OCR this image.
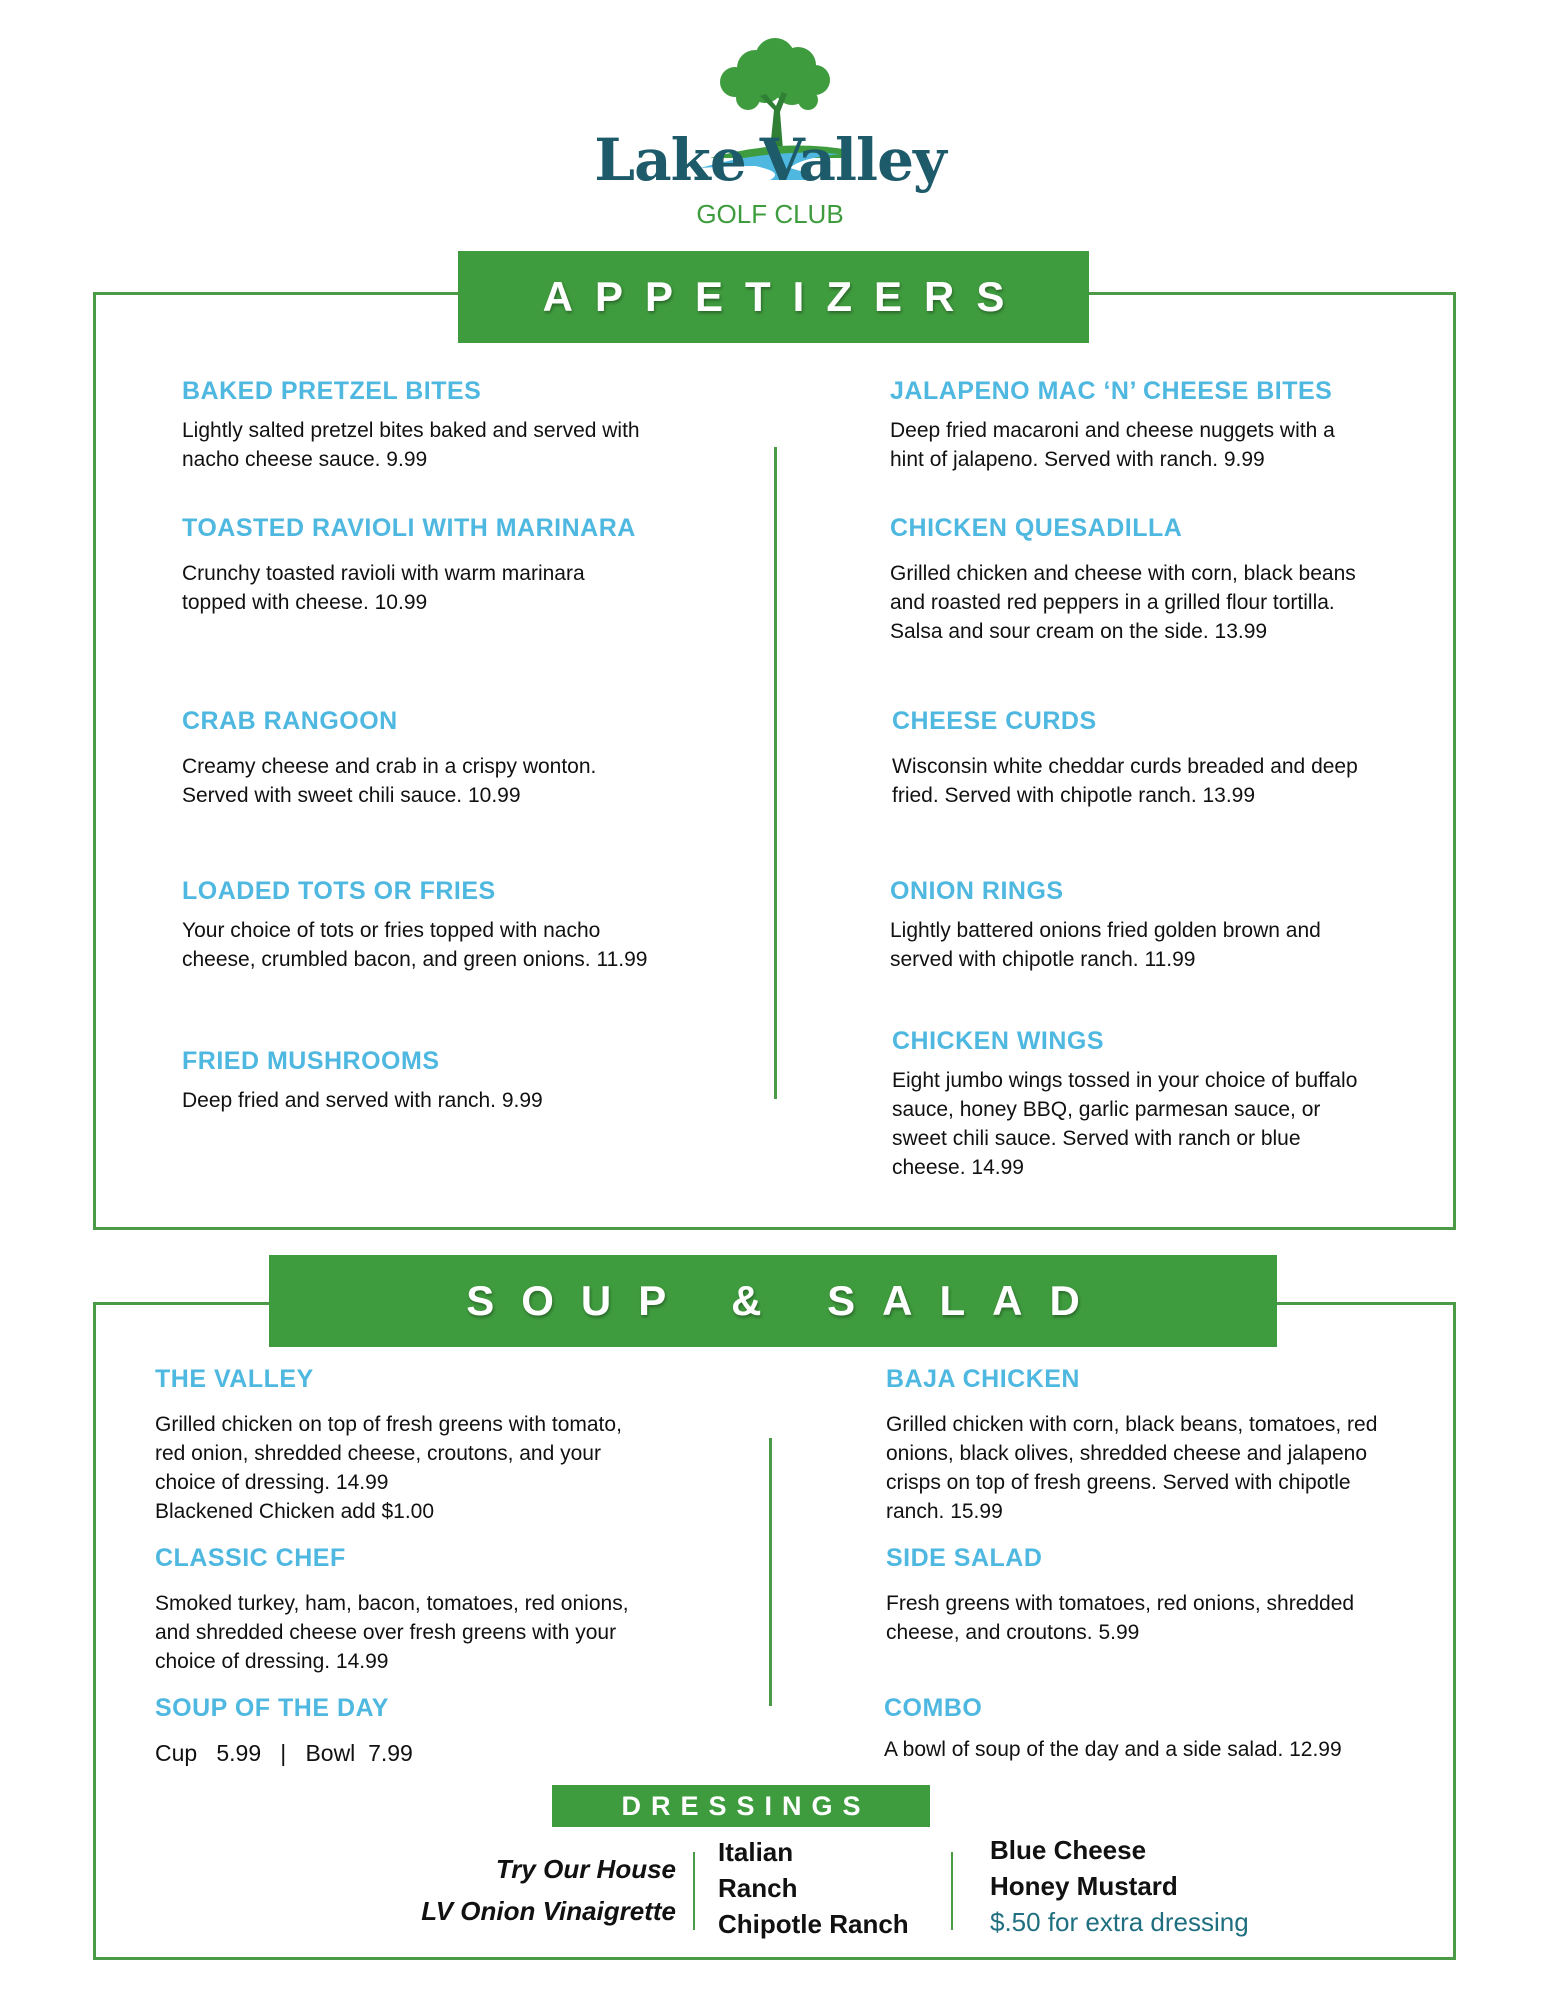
Lake Valley
GOLF CLUB
APPETIZERS

BAKED PRETZEL BITES

Lightly salted pretzel bites baked and served with nacho cheese sauce. 9.99

TOASTED RAVIOLI WITH MARINARA

Crunchy toasted ravioli with warm marinara topped with cheese. 10.99

CRAB RANGOON

Creamy cheese and crab in a crispy wonton. Served with sweet chili sauce. 10.99

LOADED TOTS OR FRIES

Your choice of tots or fries topped with nacho cheese, crumbled bacon, and green onions. 11.99

FRIED MUSHROOMS

Deep fried and served with ranch. 9.99

JALAPENO MAC ‘N’ CHEESE BITES

Deep fried macaroni and cheese nuggets with a hint of jalapeno. Served with ranch. 9.99

CHICKEN QUESADILLA

Grilled chicken and cheese with corn, black beans and roasted red peppers in a grilled flour tortilla. Salsa and sour cream on the side. 13.99

CHEESE CURDS

Wisconsin white cheddar curds breaded and deep fried. Served with chipotle ranch. 13.99

ONION RINGS

Lightly battered onions fried golden brown and served with chipotle ranch. 11.99

CHICKEN WINGS

Eight jumbo wings tossed in your choice of buffalo sauce, honey BBQ, garlic parmesan sauce, or sweet chili sauce. Served with ranch or blue cheese. 14.99

SOUP & SALAD

THE VALLEY

Grilled chicken on top of fresh greens with tomato, red onion, shredded cheese, croutons, and your choice of dressing. 14.99

Blackened Chicken add $1.00

CLASSIC CHEF

Smoked turkey, ham, bacon, tomatoes, red onions, and shredded cheese over fresh greens with your choice of dressing. 14.99

SOUP OF THE DAY

Cup   5.99   |   Bowl  7.99

BAJA CHICKEN

Grilled chicken with corn, black beans, tomatoes, red onions, black olives, shredded cheese and jalapeno crisps on top of fresh greens. Served with chipotle ranch. 15.99

SIDE SALAD

Fresh greens with tomatoes, red onions, shredded cheese, and croutons. 5.99

COMBO

A bowl of soup of the day and a side salad. 12.99

DRESSINGS
Try Our House
LV Onion Vinaigrette
Italian
Ranch
Chipotle Ranch
Blue Cheese
Honey Mustard
$.50 for extra dressing
